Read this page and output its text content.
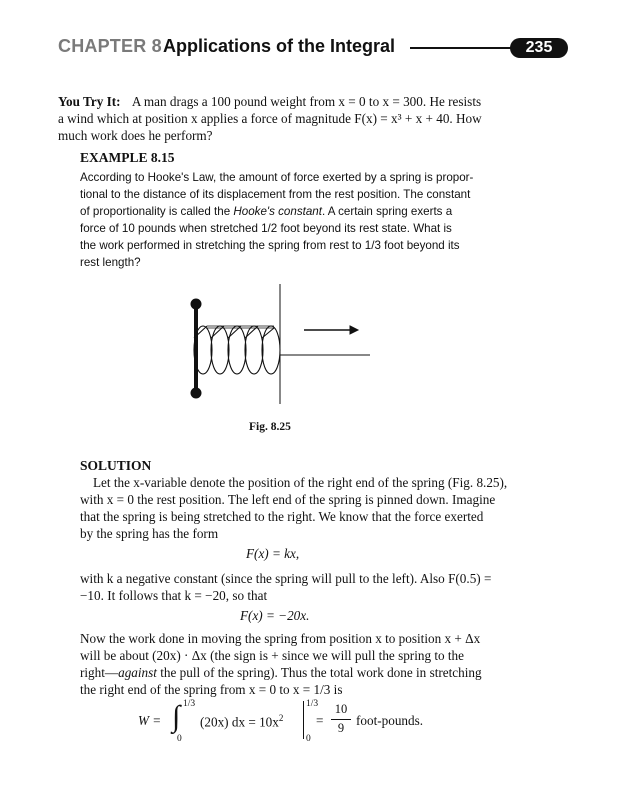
CHAPTER 8 Applications of the Integral	235
You Try It: A man drags a 100 pound weight from x = 0 to x = 300. He resists
a wind which at position x applies a force of magnitude F(x) = x³ + x + 40. How
much work does he perform?
EXAMPLE 8.15
According to Hooke's Law, the amount of force exerted by a spring is propor-
tional to the distance of its displacement from the rest position. The constant
of proportionality is called the Hooke's constant. A certain spring exerts a
force of 10 pounds when stretched 1/2 foot beyond its rest state. What is
the work performed in stretching the spring from rest to 1/3 foot beyond its
rest length?
Fig. 8.25
SOLUTION
Let the x-variable denote the position of the right end of the spring (Fig. 8.25),
with x = 0 the rest position. The left end of the spring is pinned down. Imagine
that the spring is being stretched to the right. We know that the force exerted
by the spring has the form
F(x) = kx,
with k a negative constant (since the spring will pull to the left). Also F(0.5) =
−10. It follows that k = −20, so that
F(x) = −20x.
Now the work done in moving the spring from position x to position x + Δx
will be about (20x) · Δx (the sign is + since we will pull the spring to the
right—against the pull of the spring). Thus the total work done in stretching
the right end of the spring from x = 0 to x = 1/3 is
W = ∫ 1/3
0
(20x) dx = $10x^2$
1/3
0
=
10
9 foot-pounds.
